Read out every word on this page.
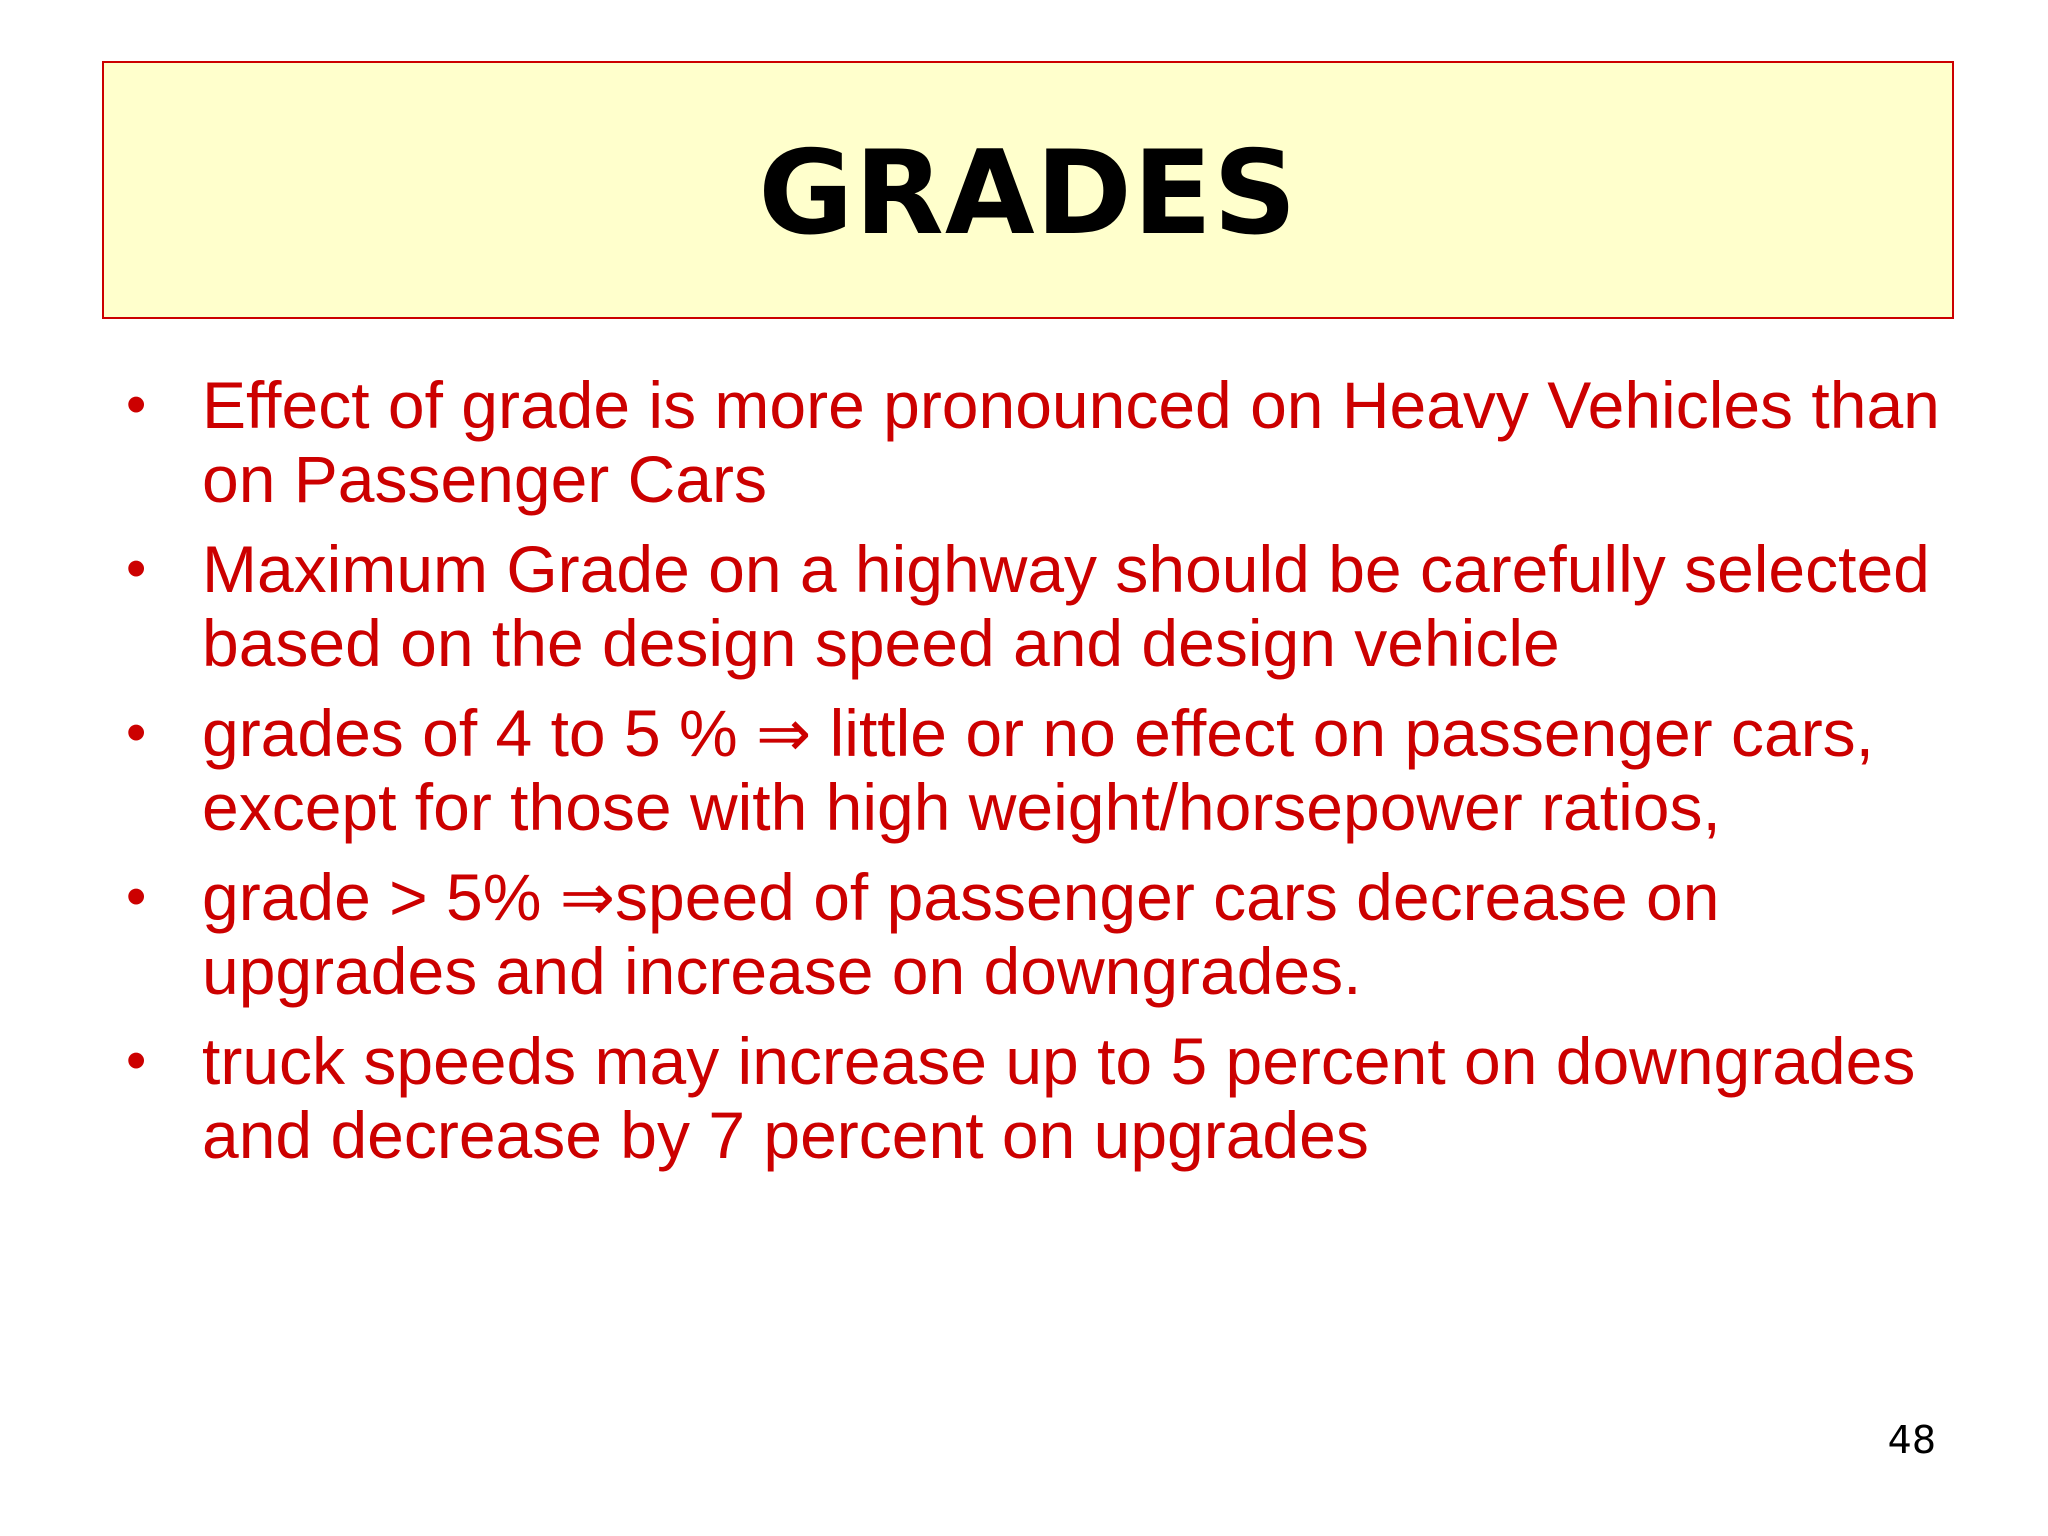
GRADES
• Effect of grade is more pronounced on Heavy Vehicles than on Passenger Cars
• Maximum Grade on a highway should be carefully selected based on the design speed and design vehicle
• grades of 4 to 5 % ⇒ little or no effect on passenger cars, except for those with high weight/horsepower ratios,
• grade > 5% ⇒speed of passenger cars decrease on upgrades and increase on downgrades.
• truck speeds may increase up to 5 percent on downgrades and decrease by 7 percent on upgrades
48
